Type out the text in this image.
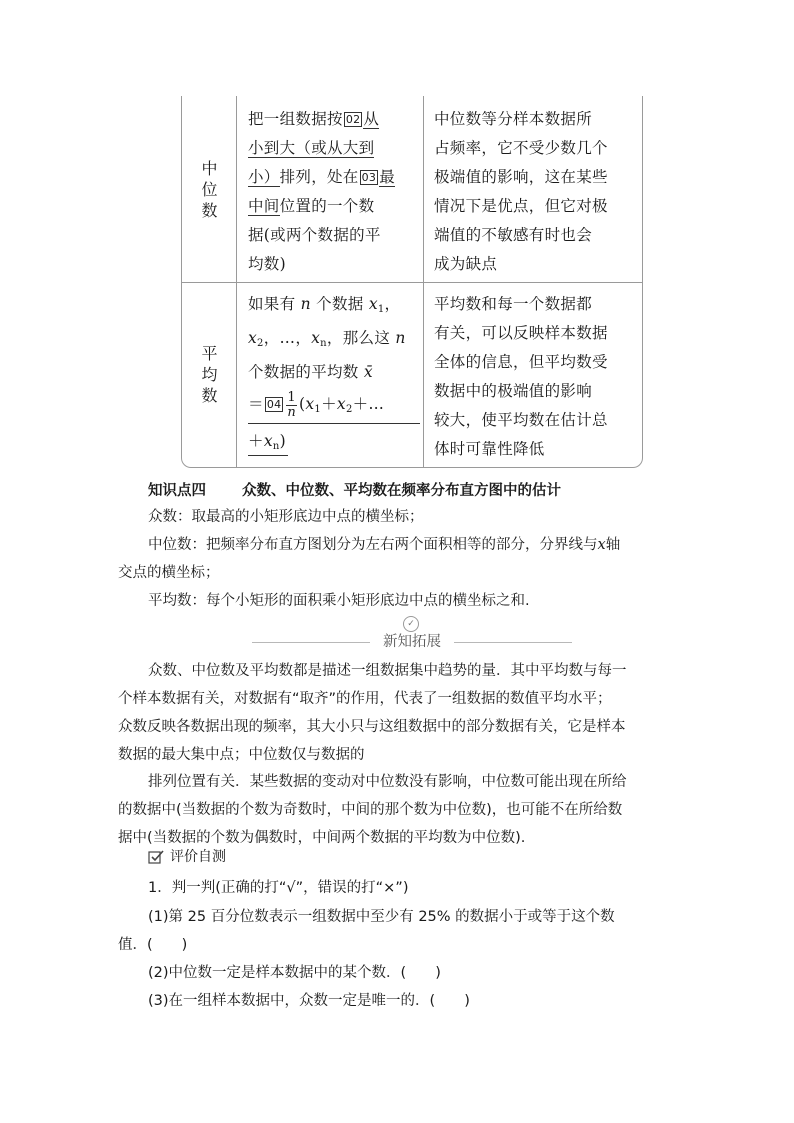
中
位
数
把一组数据按 02 从
小到大（或从大到
小）排列，处在 03 最
中间位置的一个数
据(或两个数据的平
均数)
中位数等分样本数据所
占频率，它不受少数几个
极端值的影响，这在某些
情况下是优点，但它对极
端值的不敏感有时也会
成为缺点
平
均
数
如果有 n 个数据 $x_1$，
$x_2$，…，$x_n$，那么这 n
个数据的平均数 x̄
＝ $04 \frac{1}{n}$ ($x_1+x_2+\dots$
$+x_n$)
平均数和每一个数据都
有关，可以反映样本数据
全体的信息，但平均数受
数据中的极端值的影响
较大，使平均数在估计总
体时可靠性降低
知识点四 众数、中位数、平均数在频率分布直方图中的估计
众数：取最高的小矩形底边中点的横坐标；
中位数：把频率分布直方图划分为左右两个面积相等的部分，分界线与x轴
交点的横坐标；
平均数：每个小矩形的面积乘小矩形底边中点的横坐标之和.
✓
新知拓展
众数、中位数及平均数都是描述一组数据集中趋势的量．其中平均数与每一
个样本数据有关，对数据有“取齐”的作用，代表了一组数据的数值平均水平；
众数反映各数据出现的频率，其大小只与这组数据中的部分数据有关，它是样本
数据的最大集中点；中位数仅与数据的
排列位置有关．某些数据的变动对中位数没有影响，中位数可能出现在所给
的数据中(当数据的个数为奇数时，中间的那个数为中位数)，也可能不在所给数
据中(当数据的个数为偶数时，中间两个数据的平均数为中位数).
评价自测
1．判一判(正确的打“√”，错误的打“×”)
(1)第 25 百分位数表示一组数据中至少有 25% 的数据小于或等于这个数
值．(　　)
(2)中位数一定是样本数据中的某个数．(　　)
(3)在一组样本数据中，众数一定是唯一的．(　　)
